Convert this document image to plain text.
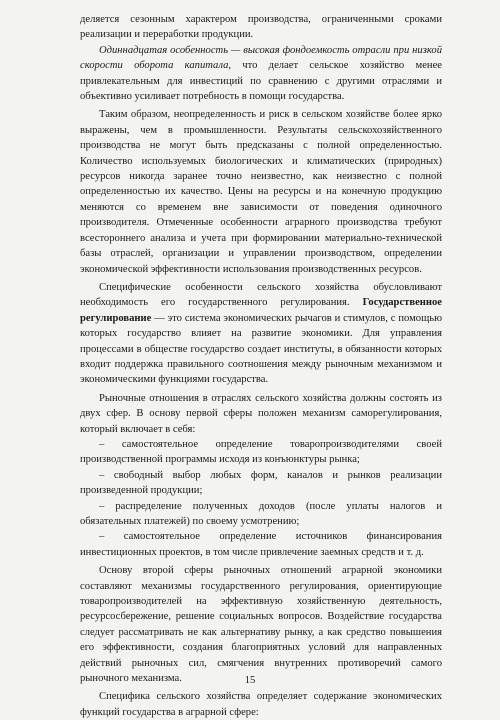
деляется сезонным характером производства, ограниченными сроками реализации и переработки продукции.

Одиннадцатая особенность — высокая фондоемкость отрасли при низкой скорости оборота капитала, что делает сельское хозяйство менее привлекательным для инвестиций по сравнению с другими отраслями и объективно усиливает потребность в помощи государства.

Таким образом, неопределенность и риск в сельском хозяйстве более ярко выражены, чем в промышленности. Результаты сельскохозяйственного производства не могут быть предсказаны с полной определенностью. Количество используемых биологических и климатических (природных) ресурсов никогда заранее точно неизвестно, как неизвестно с полной определенностью их качество. Цены на ресурсы и на конечную продукцию меняются со временем вне зависимости от поведения одиночного производителя. Отмеченные особенности аграрного производства требуют всестороннего анализа и учета при формировании материально-технической базы отраслей, организации и управлении производством, определении экономической эффективности использования производственных ресурсов.

Специфические особенности сельского хозяйства обусловливают необходимость его государственного регулирования. Государственное регулирование — это система экономических рычагов и стимулов, с помощью которых государство влияет на развитие экономики. Для управления процессами в обществе государство создает институты, в обязанности которых входит поддержка правильного соотношения между рыночным механизмом и экономическими функциями государства.

Рыночные отношения в отраслях сельского хозяйства должны состоять из двух сфер. В основу первой сферы положен механизм саморегулирования, который включает в себя:

– самостоятельное определение товаропроизводителями своей производственной программы исходя из конъюнктуры рынка;

– свободный выбор любых форм, каналов и рынков реализации произведенной продукции;

– распределение полученных доходов (после уплаты налогов и обязательных платежей) по своему усмотрению;

– самостоятельное определение источников финансирования инвестиционных проектов, в том числе привлечение заемных средств и т. д.

Основу второй сферы рыночных отношений аграрной экономики составляют механизмы государственного регулирования, ориентирующие товаропроизводителей на эффективную хозяйственную деятельность, ресурсосбережение, решение социальных вопросов. Воздействие государства следует рассматривать не как альтернативу рынку, а как средство повышения его эффективности, создания благоприятных условий для направленных действий рыночных сил, смягчения внутренних противоречий самого рыночного механизма.

Специфика сельского хозяйства определяет содержание экономических функций государства в аграрной сфере:

15
